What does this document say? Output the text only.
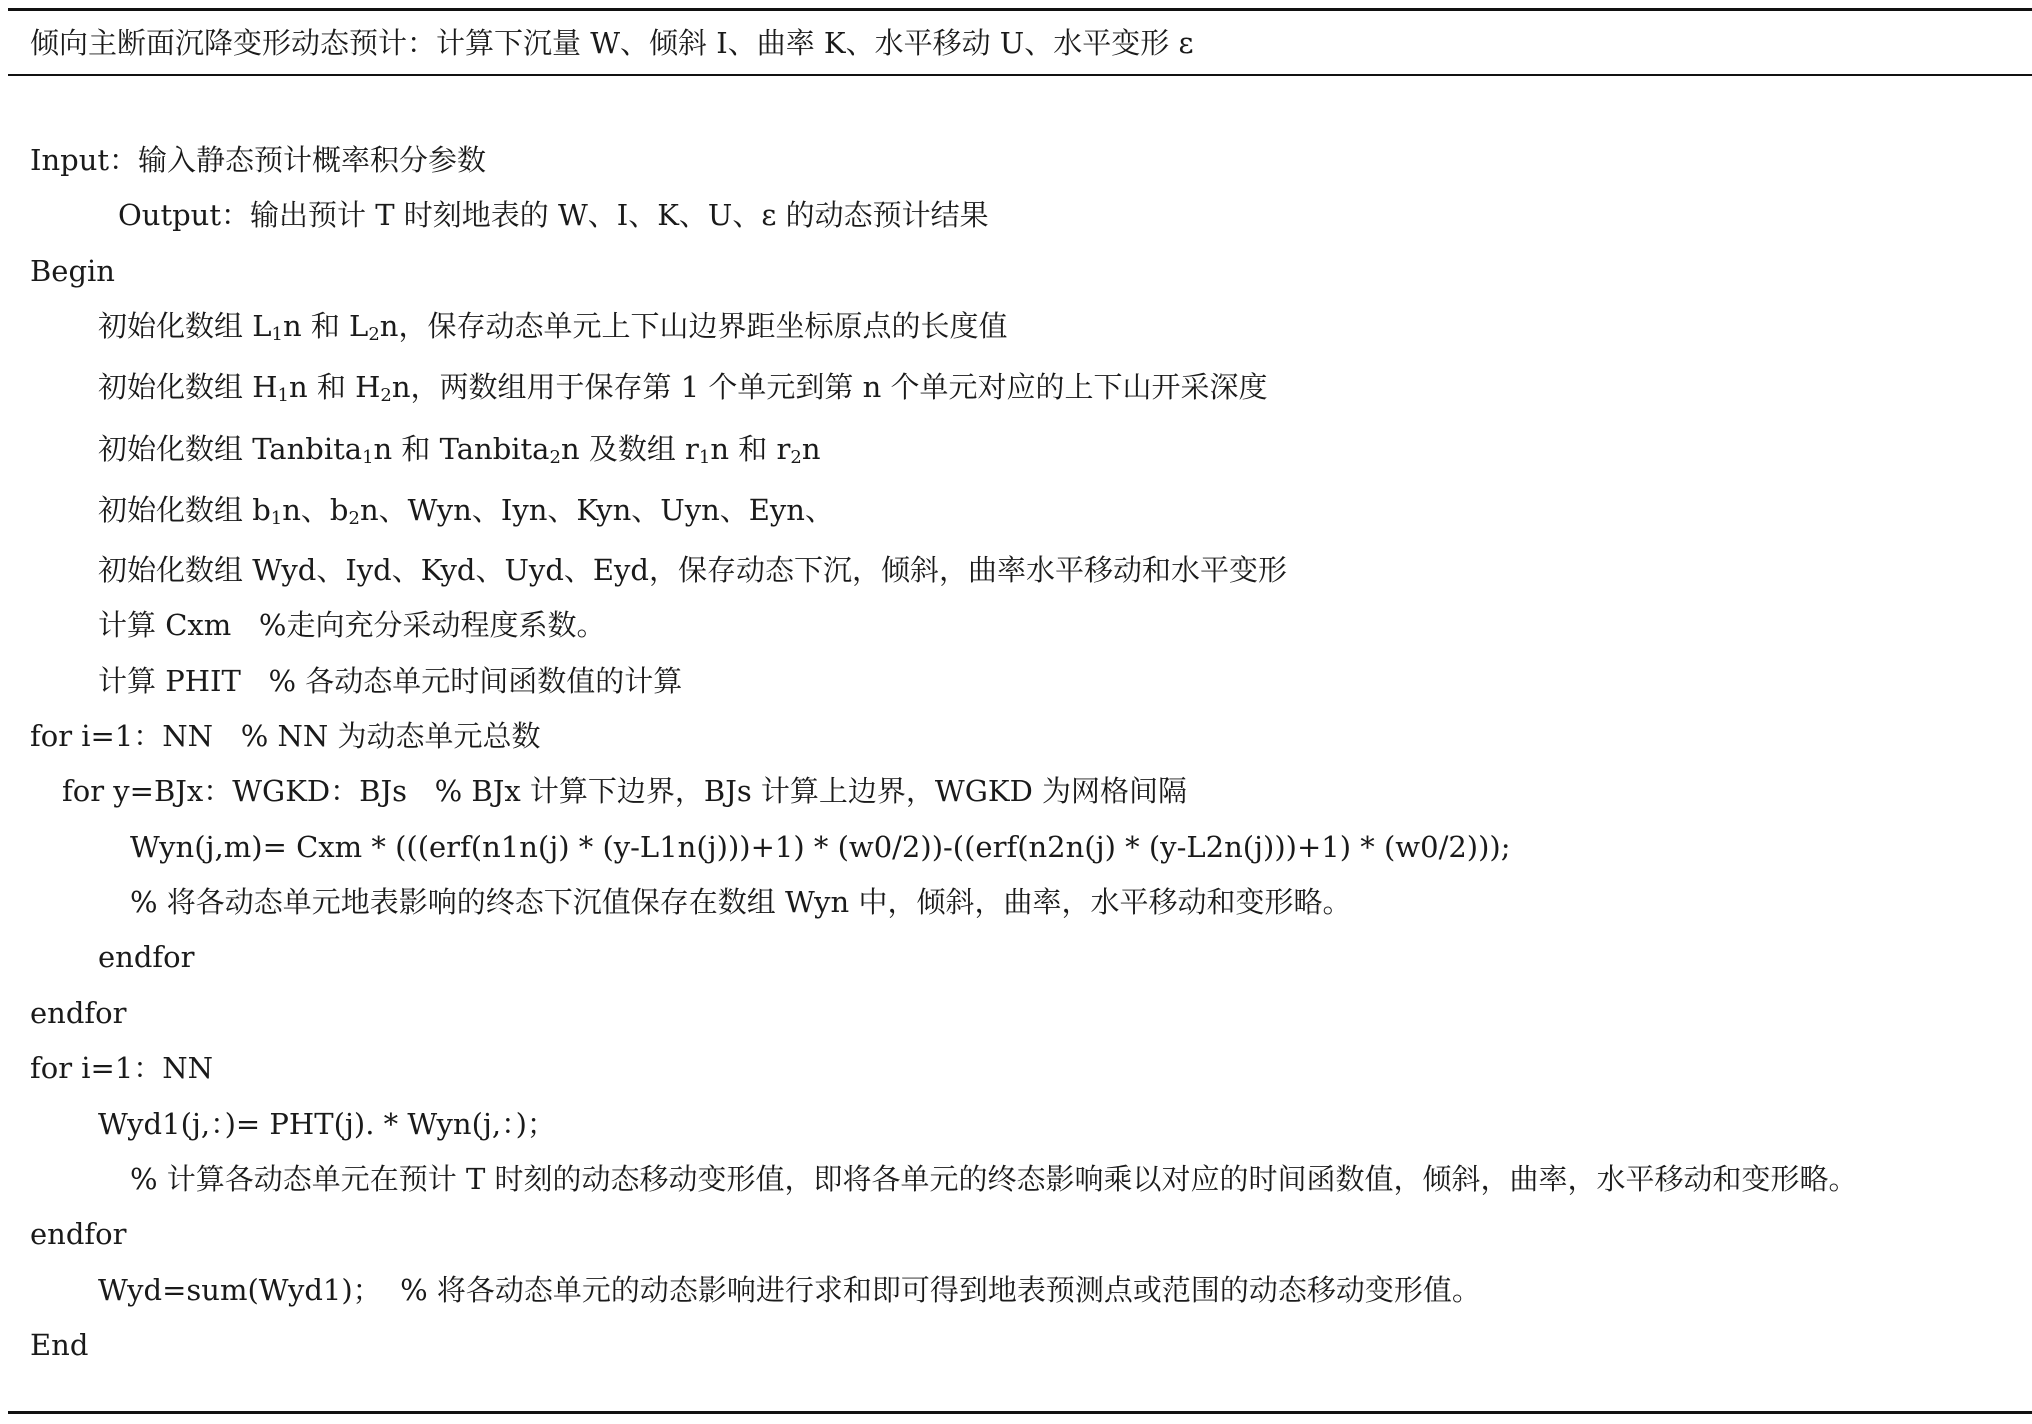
倾向主断面沉降变形动态预计：计算下沉量 W、倾斜 I、曲率 K、水平移动 U、水平变形 ε
Input：输入静态预计概率积分参数
Output：输出预计 T 时刻地表的 W、I、K、U、ε 的动态预计结果
Begin
初始化数组 $L_1n$ 和 $L_2n$，保存动态单元上下山边界距坐标原点的长度值
初始化数组 $H_1n$ 和 $H_2n$，两数组用于保存第 1 个单元到第 n 个单元对应的上下山开采深度
初始化数组 Tanbita$_1$n 和 Tanbita$_2$n 及数组 $r_1n$ 和 $r_2n$
初始化数组 $b_1n$、$b_2n$、Wyn、Iyn、Kyn、Uyn、Eyn、
初始化数组 Wyd、Iyd、Kyd、Uyd、Eyd，保存动态下沉，倾斜，曲率水平移动和水平变形
计算 Cxm   %走向充分采动程度系数。
计算 PHIT   % 各动态单元时间函数值的计算
for i=1：NN   % NN 为动态单元总数
for y=BJx：WGKD：BJs   % BJx 计算下边界，BJs 计算上边界，WGKD 为网格间隔
Wyn(j,m)= Cxm * (((erf(n1n(j) * (y-L1n(j)))+1) * (w0/2))-((erf(n2n(j) * (y-L2n(j)))+1) * (w0/2)));
% 将各动态单元地表影响的终态下沉值保存在数组 Wyn 中，倾斜，曲率，水平移动和变形略。
endfor
endfor
for i=1：NN
Wyd1(j,：)= PHT(j). * Wyn(j,：)；
% 计算各动态单元在预计 T 时刻的动态移动变形值，即将各单元的终态影响乘以对应的时间函数值，倾斜，曲率，水平移动和变形略。
endfor
Wyd=sum(Wyd1)；  % 将各动态单元的动态影响进行求和即可得到地表预测点或范围的动态移动变形值。
End
